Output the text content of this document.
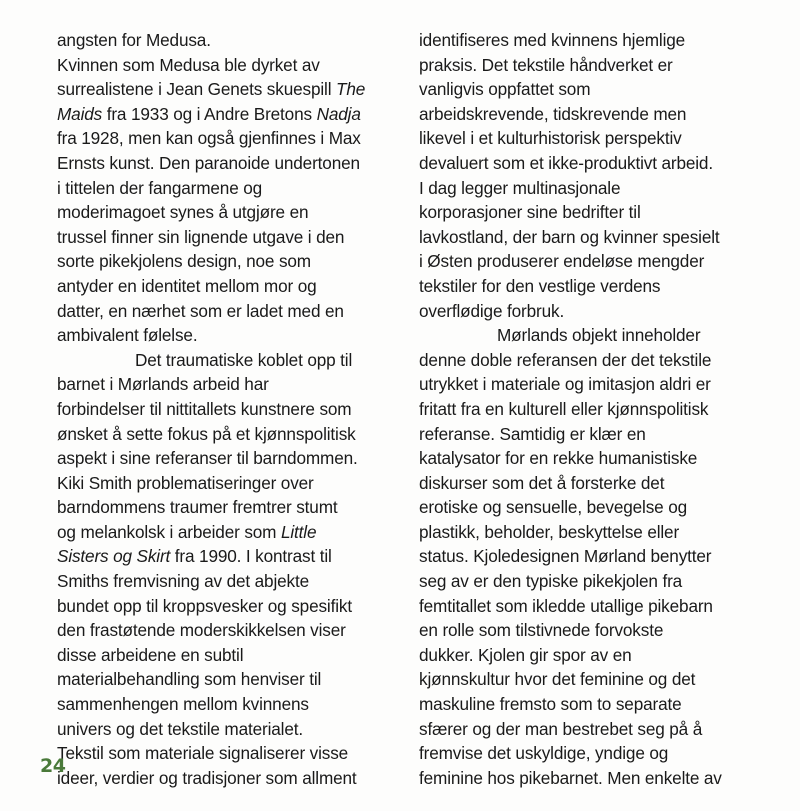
angsten for Medusa.
Kvinnen som Medusa ble dyrket av
surrealistene i Jean Genets skuespill The
Maids fra 1933 og i Andre Bretons Nadja
fra 1928, men kan også gjenfinnes i Max
Ernsts kunst. Den paranoide undertonen
i tittelen der fangarmene og
moderimagoet synes å utgjøre en
trussel finner sin lignende utgave i den
sorte pikekjolens design, noe som
antyder en identitet mellom mor og
datter, en nærhet som er ladet med en
ambivalent følelse.
Det traumatiske koblet opp til
barnet i Mørlands arbeid har
forbindelser til nittitallets kunstnere som
ønsket å sette fokus på et kjønnspolitisk
aspekt i sine referanser til barndommen.
Kiki Smith problematiseringer over
barndommens traumer fremtrer stumt
og melankolsk i arbeider som Little
Sisters og Skirt fra 1990. I kontrast til
Smiths fremvisning av det abjekte
bundet opp til kroppsvesker og spesifikt
den frastøtende moderskikkelsen viser
disse arbeidene en subtil
materialbehandling som henviser til
sammenhengen mellom kvinnens
univers og det tekstile materialet.
Tekstil som materiale signaliserer visse
ideer, verdier og tradisjoner som allment
identifiseres med kvinnens hjemlige
praksis. Det tekstile håndverket er
vanligvis oppfattet som
arbeidskrevende, tidskrevende men
likevel i et kulturhistorisk perspektiv
devaluert som et ikke-produktivt arbeid.
I dag legger multinasjonale
korporasjoner sine bedrifter til
lavkostland, der barn og kvinner spesielt
i Østen produserer endeløse mengder
tekstiler for den vestlige verdens
overflødige forbruk.
Mørlands objekt inneholder
denne doble referansen der det tekstile
utrykket i materiale og imitasjon aldri er
fritatt fra en kulturell eller kjønnspolitisk
referanse. Samtidig er klær en
katalysator for en rekke humanistiske
diskurser som det å forsterke det
erotiske og sensuelle, bevegelse og
plastikk, beholder, beskyttelse eller
status. Kjoledesignen Mørland benytter
seg av er den typiske pikekjolen fra
femtitallet som ikledde utallige pikebarn
en rolle som tilstivnede forvokste
dukker. Kjolen gir spor av en
kjønnskultur hvor det feminine og det
maskuline fremsto som to separate
sfærer og der man bestrebet seg på å
fremvise det uskyldige, yndige og
feminine hos pikebarnet. Men enkelte av
24
